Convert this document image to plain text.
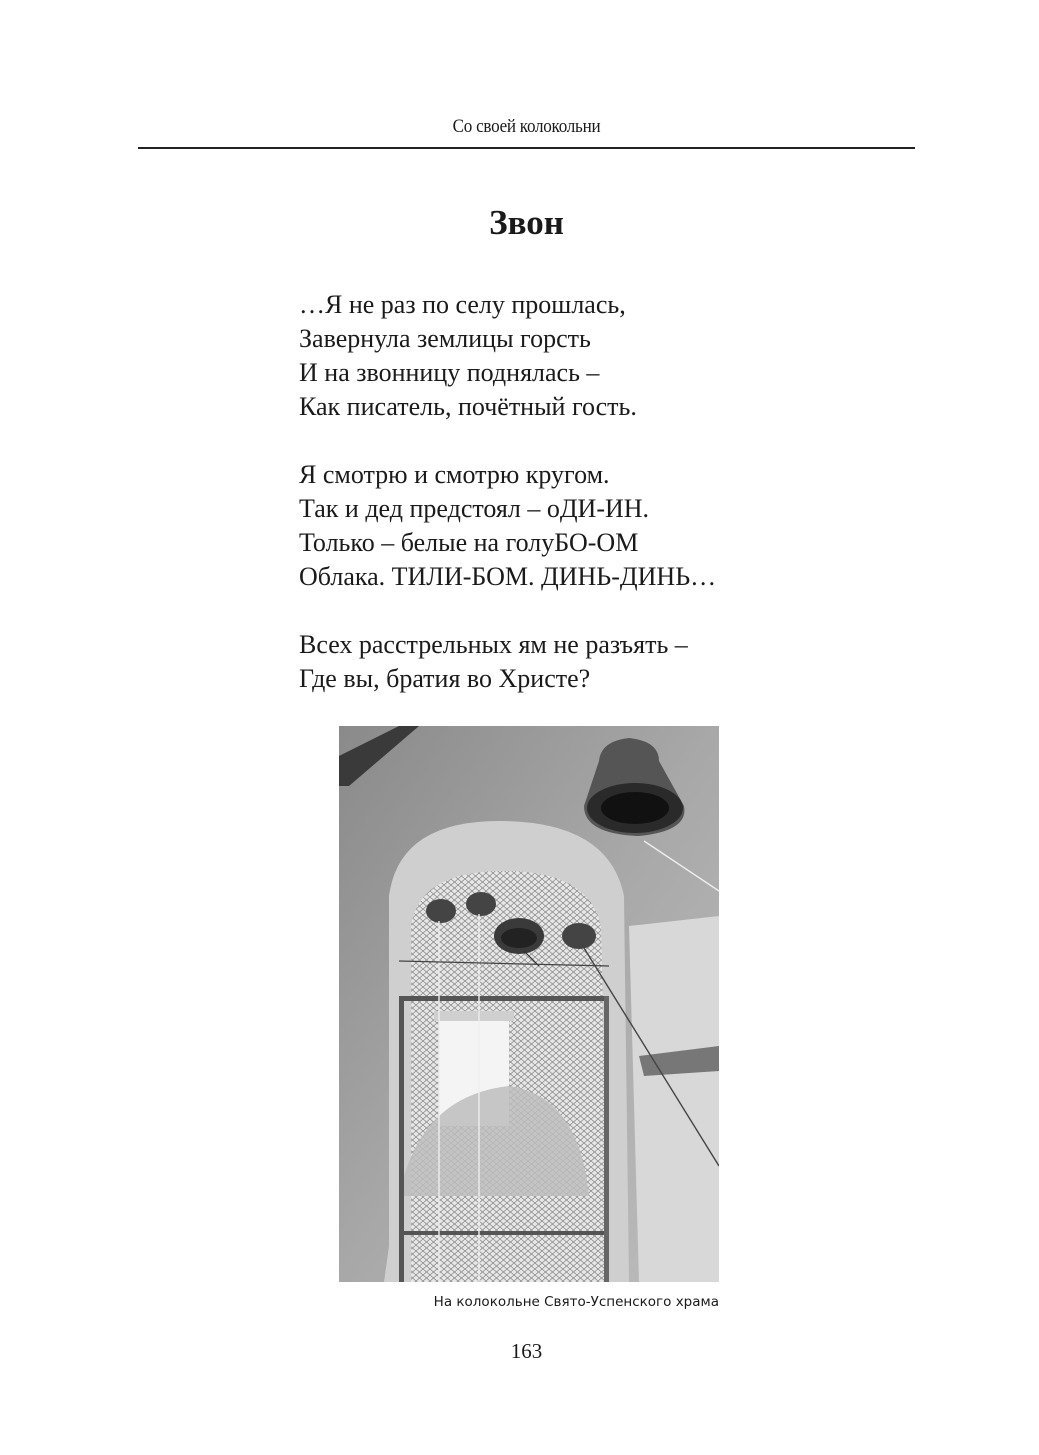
Со своей колокольни
Звон
…Я не раз по селу прошлась,
Завернула землицы горсть
И на звонницу поднялась –
Как писатель, почётный гость.
Я смотрю и смотрю кругом.
Так и дед предстоял – оДИ-ИН.
Только – белые на голуБО-ОМ
Облака. ТИЛИ-БОМ. ДИНЬ-ДИНЬ…
Всех расстрельных ям не разъять –
Где вы, братия во Христе?
На колокольне Свято-Успенского храма
163
